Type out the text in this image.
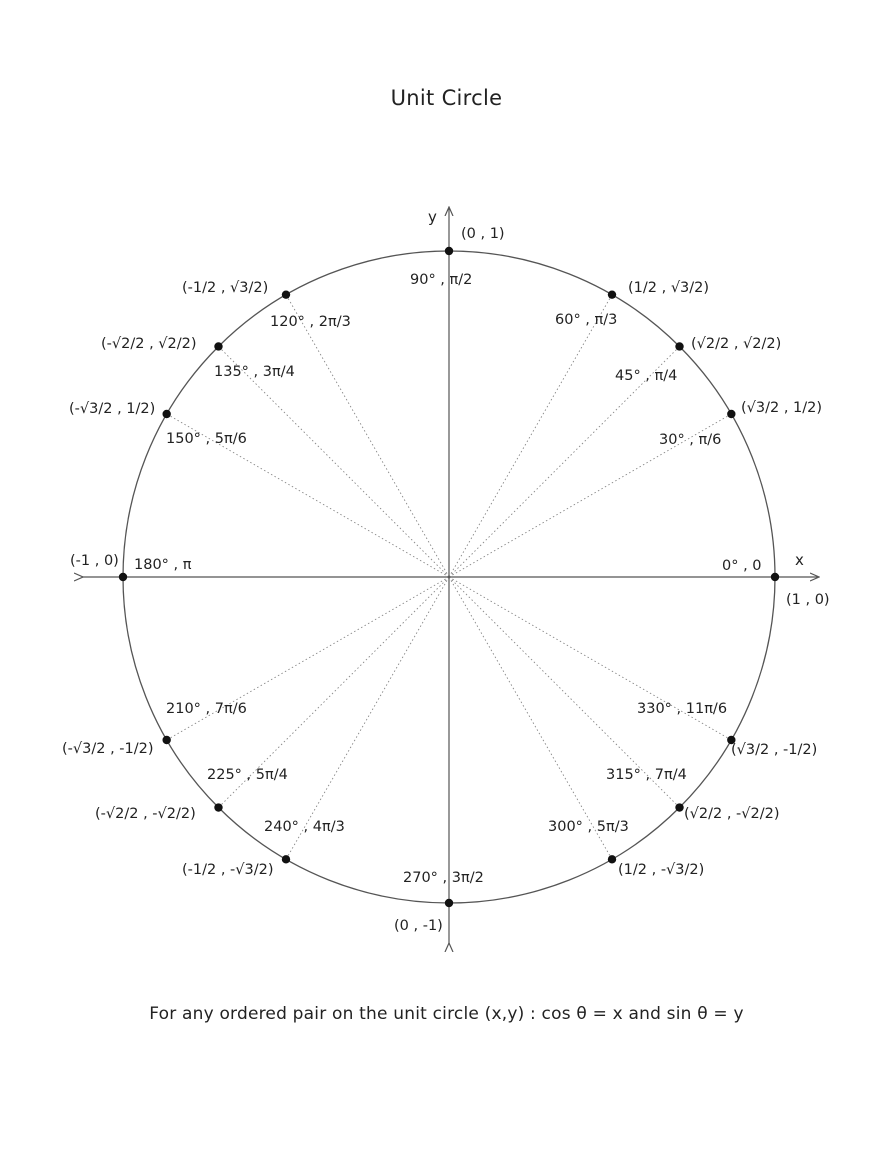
Unit Circle
x
y
(1 , 0)
0° , 0
(√3/2 , 1/2)
30° , π/6
(√2/2 , √2/2)
45° , π/4
(1/2 , √3/2)
60° , π/3
(0 , 1)
90° , π/2
(-1/2 , √3/2)
120° , 2π/3
(-√2/2 , √2/2)
135° , 3π/4
(-√3/2 , 1/2)
150° , 5π/6
(-1 , 0) 180° , π
(-√3/2 , -1/2)
210° , 7π/6
(-√2/2 , -√2/2)
225° , 5π/4
(-1/2 , -√3/2)
240° , 4π/3
(0 , -1)
270° , 3π/2	(1/2 , -√3/2)
300° , 5π/3
(√2/2 , -√2/2)
315° , 7π/4
(√3/2 , -1/2)
330° , 11π/6
For any ordered pair on the unit circle (x,y) : cos θ = x and sin θ = y
